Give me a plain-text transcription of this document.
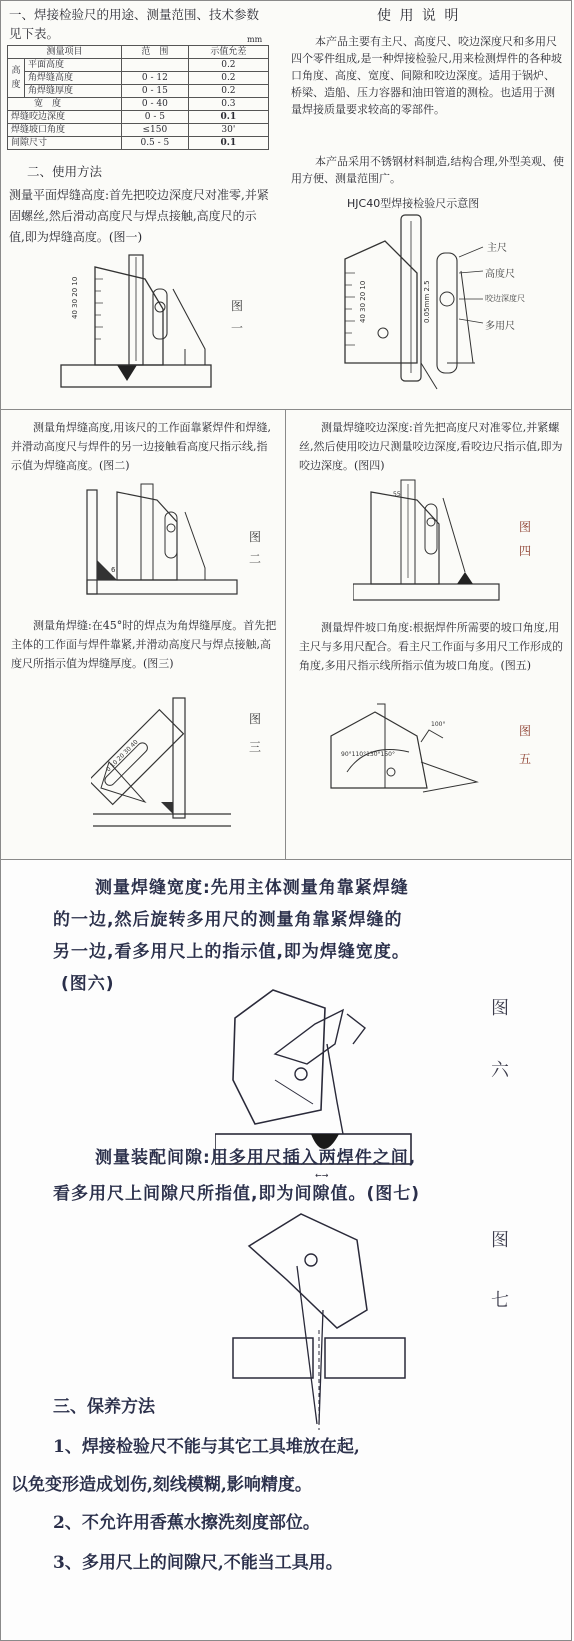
一、焊接检验尺的用途、测量范围、技术参数见下表。	mm
测量项目		范　围	示值允差
高度	平面高度		0.2
	角焊缝高度	0 - 12	0.2
	角焊缝厚度	0 - 15	0.2
宽　度		0 - 40	0.3
焊缝咬边深度		0 - 5	0.1
焊缝坡口角度		≤150	30'
间隙尺寸		0.5 - 5	0.1
二、使用方法
测量平面焊缝高度:首先把咬边深度尺对准零,并紧固螺丝,然后滑动高度尺与焊点接触,高度尺的示值,即为焊缝高度。(图一)
40 30 20 10	图
一
使 用 说 明
本产品主要有主尺、高度尺、咬边深度尺和多用尺四个零件组成,是一种焊接检验尺,用来检测焊件的各种坡口角度、高度、宽度、间隙和咬边深度。适用于锅炉、桥梁、造船、压力容器和油田管道的测检。也适用于测量焊接质量要求较高的零部件。
本产品采用不锈钢材料制造,结构合理,外型美观、使用方便、测量范围广。
HJC40型焊接检验尺示意图
40 30 20 10	0.05mm 2.5
主尺
高度尺
咬边深度尺
多用尺
测量角焊缝高度,用该尺的工作面靠紧焊件和焊缝,并滑动高度尺与焊件的另一边接触看高度尺指示线,指示值为焊缝高度。(图二)
6
图
二
测量角焊缝:在45°时的焊点为角焊缝厚度。首先把主体的工作面与焊件靠紧,并滑动高度尺与焊点接触,高度尺所指示值为焊缝厚度。(图三)
0 10 20 30 40
图
三
测量焊缝咬边深度:首先把高度尺对准零位,并紧螺丝,然后使用咬边尺测量咬边深度,看咬边尺指示值,即为咬边深度。(图四)
55
图
四
测量焊件坡口角度:根据焊件所需要的坡口角度,用主尺与多用尺配合。看主尺工作面与多用尺工作形成的角度,多用尺指示线所指示值为坡口角度。(图五)
90°110°130°150°
100°	图
五
测量焊缝宽度:先用主体测量角靠紧焊缝
的一边,然后旋转多用尺的测量角靠紧焊缝的
另一边,看多用尺上的指示值,即为焊缝宽度。
(图六)
←→
图
六
测量装配间隙:用多用尺插入两焊件之间,
看多用尺上间隙尺所指值,即为间隙值。(图七)
图
七
三、保养方法
1、焊接检验尺不能与其它工具堆放在起,
以免变形造成划伤,刻线模糊,影响精度。
2、不允许用香蕉水擦洗刻度部位。
3、多用尺上的间隙尺,不能当工具用。
